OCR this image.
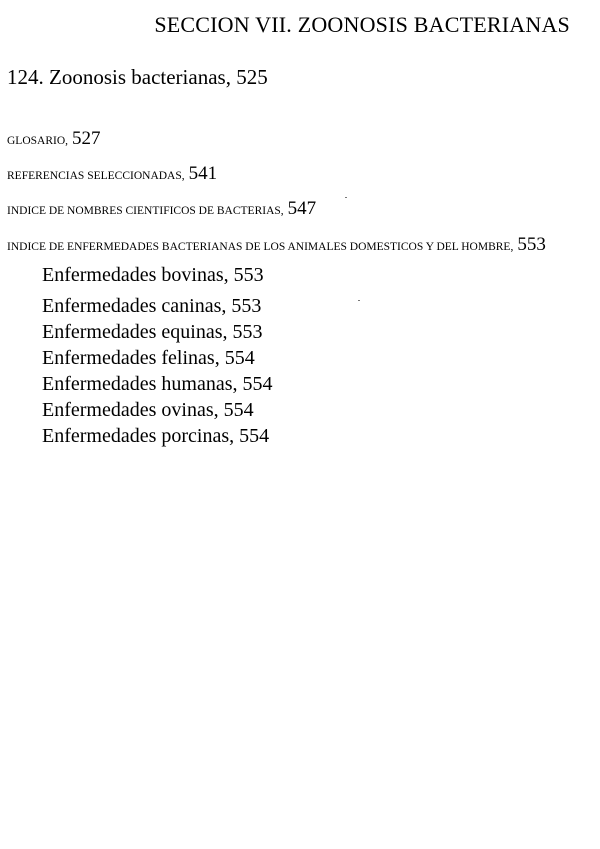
SECCION VII. ZOONOSIS BACTERIANAS
124. Zoonosis bacterianas, 525
GLOSARIO, 527
REFERENCIAS SELECCIONADAS, 541
INDICE DE NOMBRES CIENTIFICOS DE BACTERIAS, 547
INDICE DE ENFERMEDADES BACTERIANAS DE LOS ANIMALES DOMESTICOS Y DEL HOMBRE, 553
Enfermedades bovinas, 553
Enfermedades caninas, 553
Enfermedades equinas, 553
Enfermedades felinas, 554
Enfermedades humanas, 554
Enfermedades ovinas, 554
Enfermedades porcinas, 554
